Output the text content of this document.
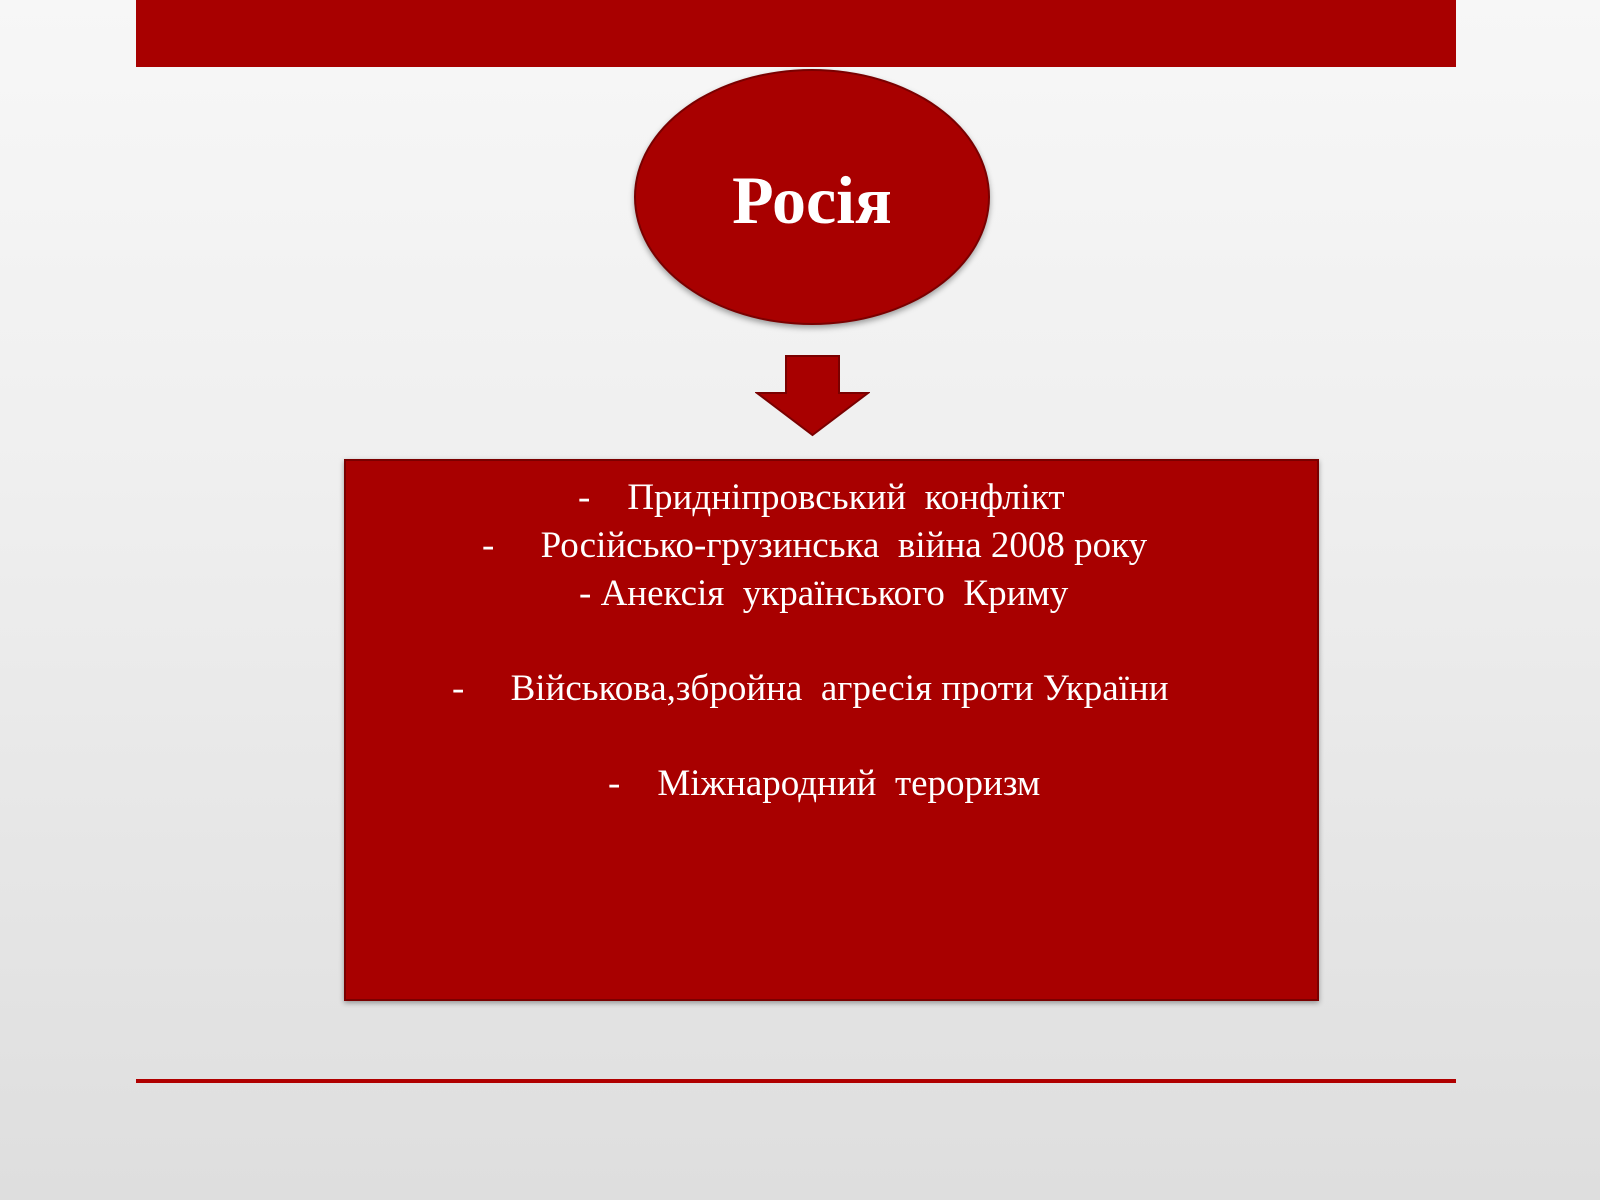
Росія
-    Придніпровський  конфлікт
-     Російсько-грузинська  війна 2008 року
- Анексія  українського  Криму
-     Військова,збройна  агресія проти України
-    Міжнародний  тероризм
